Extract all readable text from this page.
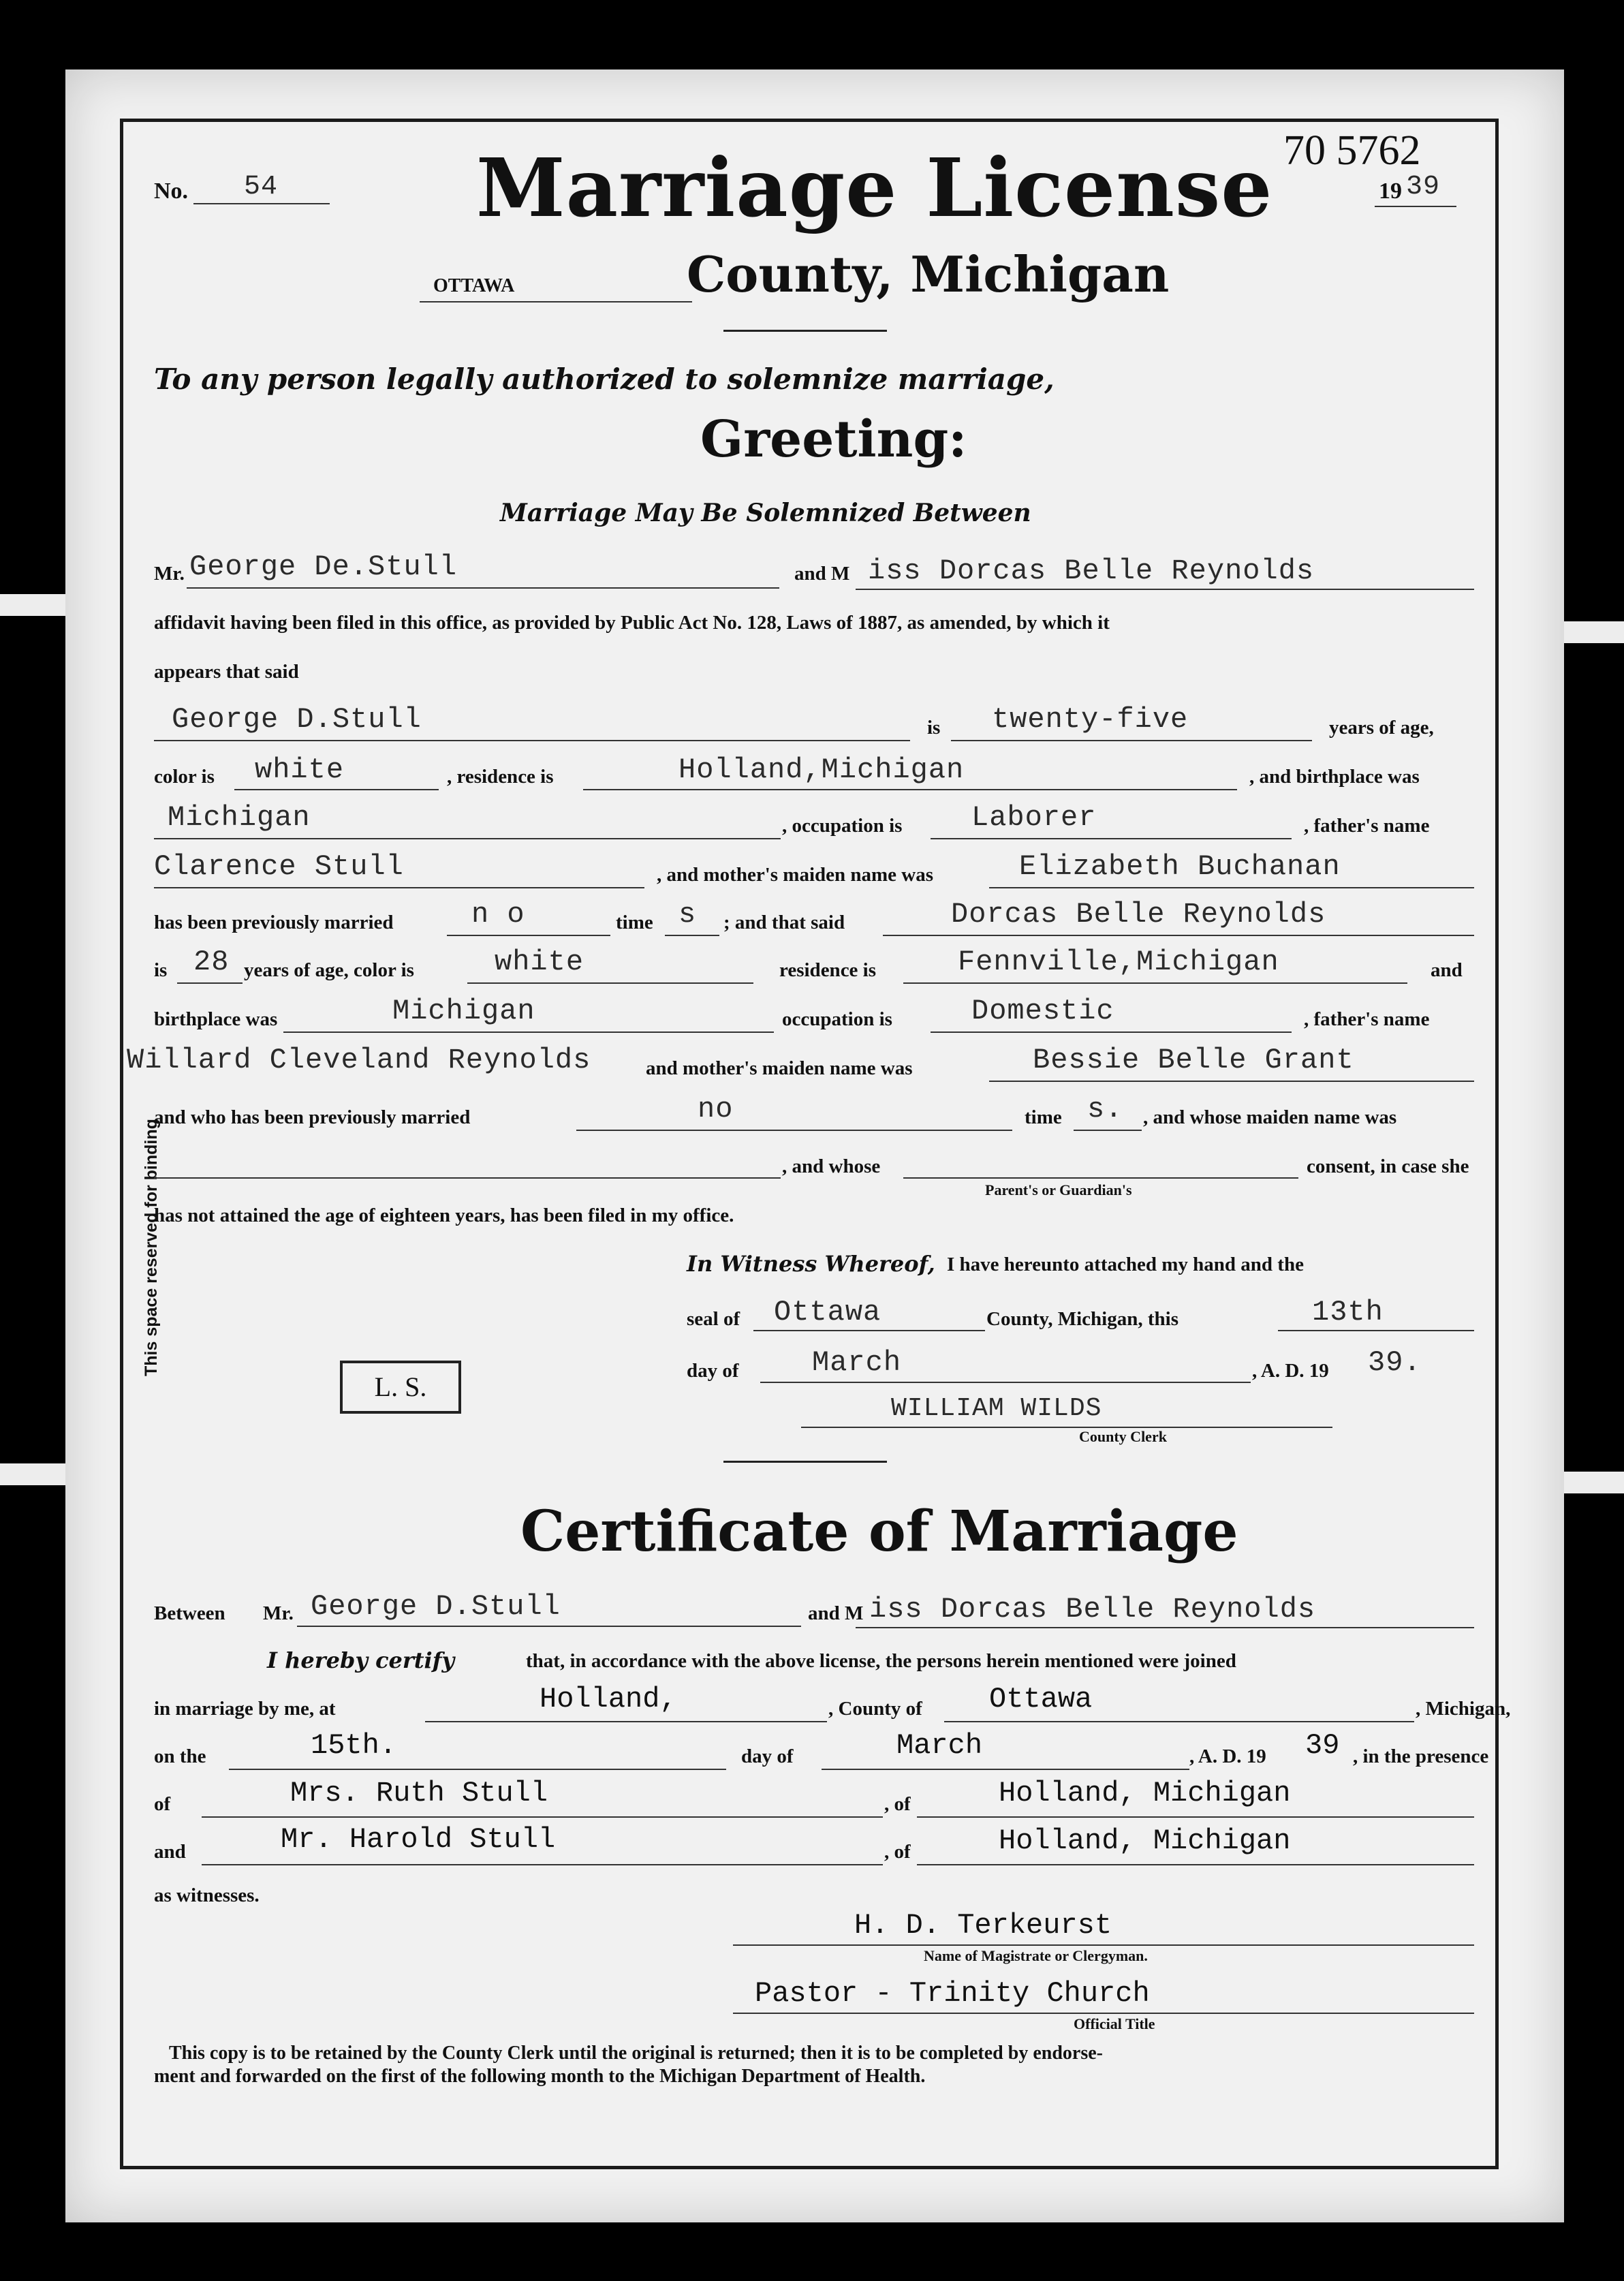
This space reserved for binding
No. 54 Marriage License 70 5762
19 39
OTTAWA	County, Michigan
To any person legally authorized to solemnize marriage,
Greeting:
Marriage May Be Solemnized Between
Mr. George De.Stull	and M iss Dorcas Belle Reynolds
affidavit having been filed in this office, as provided by Public Act No. 128, Laws of 1887, as amended, by which it
appears that said
George D.Stull	is twenty-five	years of age,
color is white	, residence is	Holland,Michigan	, and birthplace was
Michigan	, occupation is Laborer	, father's name
Clarence Stull	, and mother's maiden name was	Elizabeth Buchanan
has been previously married	n o	time s ; and that said	Dorcas Belle Reynolds
is 28 years of age, color is	white	residence is	Fennville,Michigan	and
birthplace was	Michigan	occupation is	Domestic	, father's name
Willard Cleveland Reynolds	and mother's maiden name was	Bessie Belle Grant
and who has been previously married	no	time s. , and whose maiden name was
, and whose	consent, in case she
Parent's or Guardian's
has not attained the age of eighteen years, has been filed in my office.
In Witness Whereof, I have hereunto attached my hand and the
seal of Ottawa	County, Michigan, this	13th
L. S.
day of	March	, A. D. 19 39.
WILLIAM WILDS
County Clerk
Certificate of Marriage
Between Mr. George D.Stull	and M iss Dorcas Belle Reynolds
I hereby certify	that, in accordance with the above license, the persons herein mentioned were joined
in marriage by me, at	Holland,	, County of Ottawa	, Michigan,
on the	15th.	day of	March	, A. D. 19 39 , in the presence
of	Mrs. Ruth Stull	, of	Holland, Michigan
and	Mr. Harold Stull	, of	Holland, Michigan
as witnesses.
H. D. Terkeurst
Name of Magistrate or Clergyman.
Pastor - Trinity Church
Official Title
This copy is to be retained by the County Clerk until the original is returned; then it is to be completed by endorse-
ment and forwarded on the first of the following month to the Michigan Department of Health.
